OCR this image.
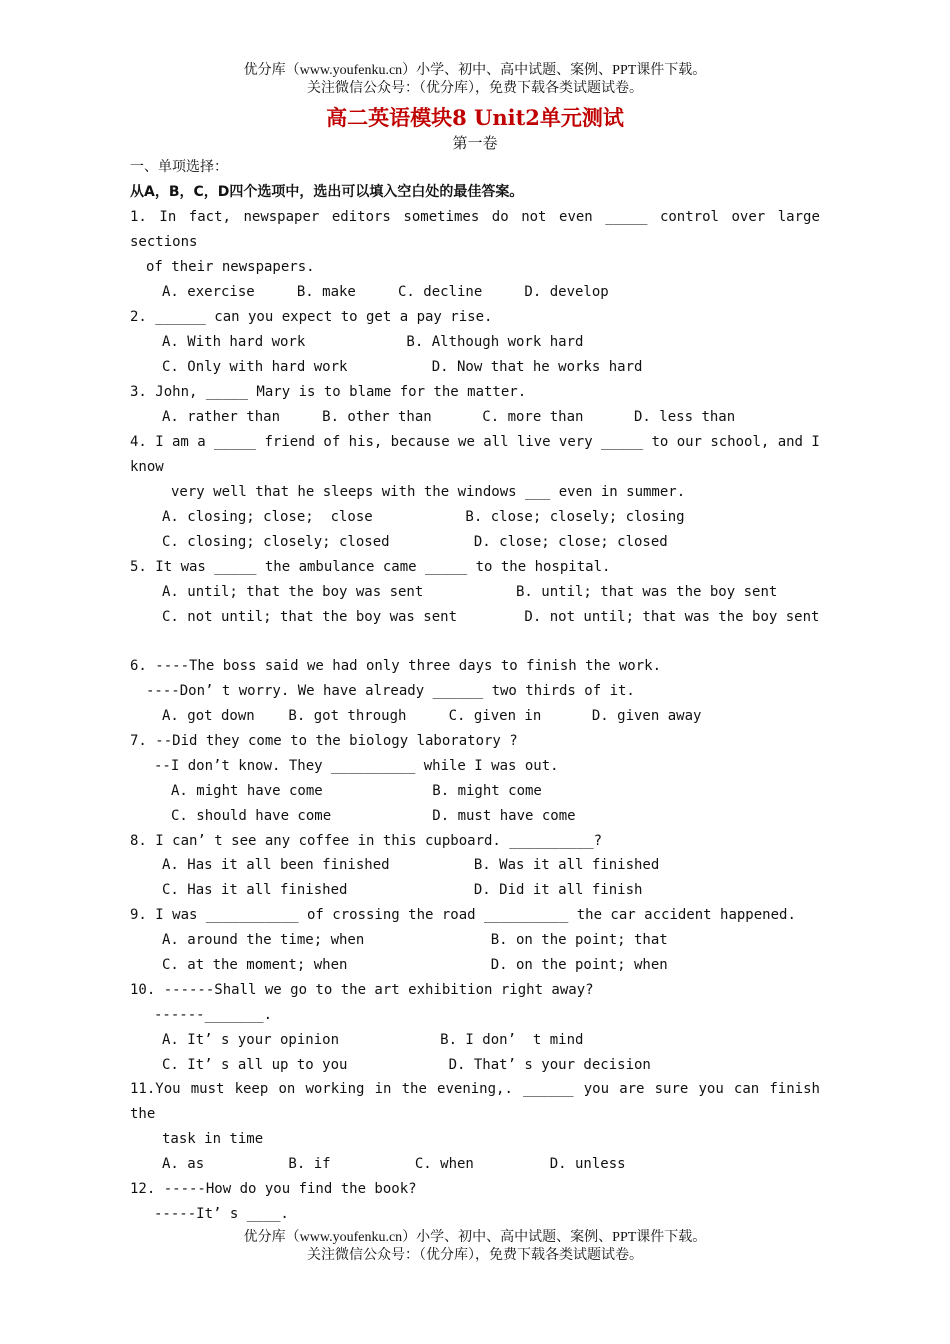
优分库（www.youfenku.cn）小学、初中、高中试题、案例、PPT课件下载。
关注微信公众号：（优分库），免费下载各类试题试卷。
高二英语模块8 Unit2单元测试
第一卷
一、单项选择：
从A，B，C，D四个选项中，选出可以填入空白处的最佳答案。
1. In fact, newspaper editors sometimes do not even _____ control over large
sections
of their newspapers.
A. exercise     B. make     C. decline     D. develop
2. ______ can you expect to get a pay rise.
A. With hard work            B. Although work hard
C. Only with hard work          D. Now that he works hard
3. John, _____ Mary is to blame for the matter.
A. rather than     B. other than      C. more than      D. less than
4. I am a _____ friend of his, because we all live very _____ to our school, and I
know
very well that he sleeps with the windows ___ even in summer.
A. closing; close;  close           B. close; closely; closing
C. closing; closely; closed          D. close; close; closed
5. It was _____ the ambulance came _____ to the hospital.
A. until; that the boy was sent           B. until; that was the boy sent
C. not until; that the boy was sent        D. not until; that was the boy sent
6. ----The boss said we had only three days to finish the work.
----Don’ t worry. We have already ______ two thirds of it.
A. got down    B. got through     C. given in      D. given away
7. --Did they come to the biology laboratory ?
--I don’t know. They __________ while I was out.
A. might have come             B. might come
C. should have come            D. must have come
8. I can’ t see any coffee in this cupboard. __________?
A. Has it all been finished          B. Was it all finished
C. Has it all finished               D. Did it all finish
9. I was ___________ of crossing the road __________ the car accident happened.
A. around the time; when               B. on the point; that
C. at the moment; when                 D. on the point; when
10. ------Shall we go to the art exhibition right away?
------_______.
A. It’ s your opinion            B. I don’  t mind
C. It’ s all up to you            D. That’ s your decision
11.You must keep on working in the evening,. ______ you are sure you can finish
the
task in time
A. as          B. if          C. when         D. unless
12. -----How do you find the book?
-----It’ s ____.
优分库（www.youfenku.cn）小学、初中、高中试题、案例、PPT课件下载。
关注微信公众号：（优分库），免费下载各类试题试卷。
